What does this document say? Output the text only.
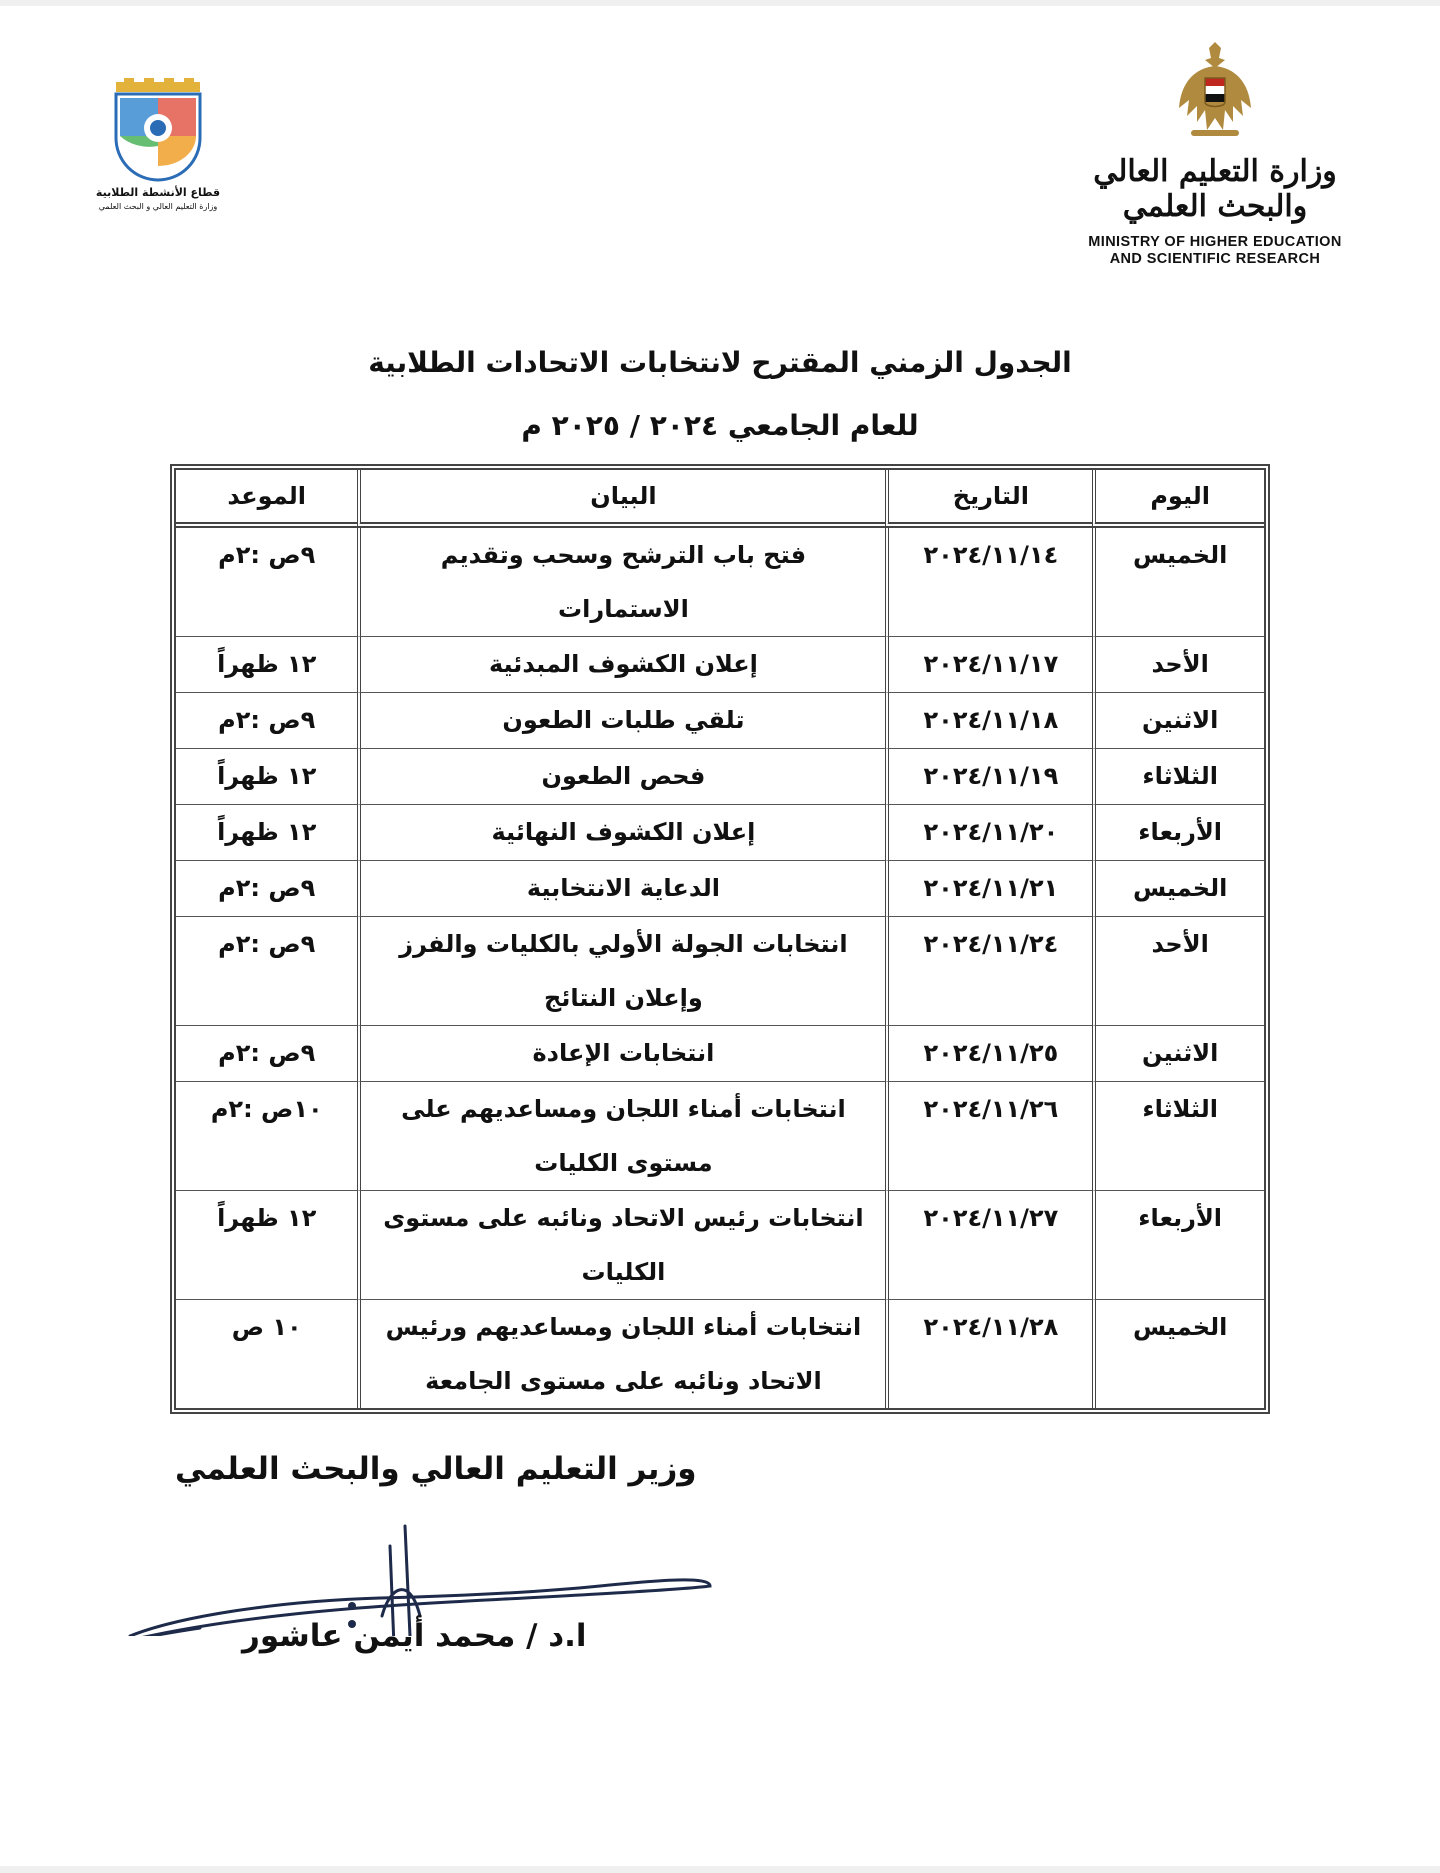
وزارة التعليم العالي والبحث العلمي
MINISTRY OF HIGHER EDUCATION
AND SCIENTIFIC RESEARCH
قطاع الأنشطة الطلابية
وزارة التعليم العالي و البحث العلمي
الجدول الزمني المقترح لانتخابات الاتحادات الطلابية
للعام الجامعي ٢٠٢٤ / ٢٠٢٥ م
اليوم	التاريخ	البيان	الموعد
الخميس	٢٠٢٤/١١/١٤	فتح باب الترشح وسحب وتقديم الاستمارات	٩ص :٢م
الأحد	٢٠٢٤/١١/١٧	إعلان الكشوف المبدئية	١٢ ظهراً
الاثنين	٢٠٢٤/١١/١٨	تلقي طلبات الطعون	٩ص :٢م
الثلاثاء	٢٠٢٤/١١/١٩	فحص الطعون	١٢ ظهراً
الأربعاء	٢٠٢٤/١١/٢٠	إعلان الكشوف النهائية	١٢ ظهراً
الخميس	٢٠٢٤/١١/٢١	الدعاية الانتخابية	٩ص :٢م
الأحد	٢٠٢٤/١١/٢٤	انتخابات الجولة الأولي بالكليات والفرز وإعلان النتائج	٩ص :٢م
الاثنين	٢٠٢٤/١١/٢٥	انتخابات الإعادة	٩ص :٢م
الثلاثاء	٢٠٢٤/١١/٢٦	انتخابات أمناء اللجان ومساعديهم على مستوى الكليات	١٠ص :٢م
الأربعاء	٢٠٢٤/١١/٢٧	انتخابات رئيس الاتحاد ونائبه على مستوى الكليات	١٢ ظهراً
الخميس	٢٠٢٤/١١/٢٨	انتخابات أمناء اللجان ومساعديهم ورئيس الاتحاد ونائبه على مستوى الجامعة	١٠ ص
وزير التعليم العالي والبحث العلمي
ا.د / محمد أيمن عاشور
